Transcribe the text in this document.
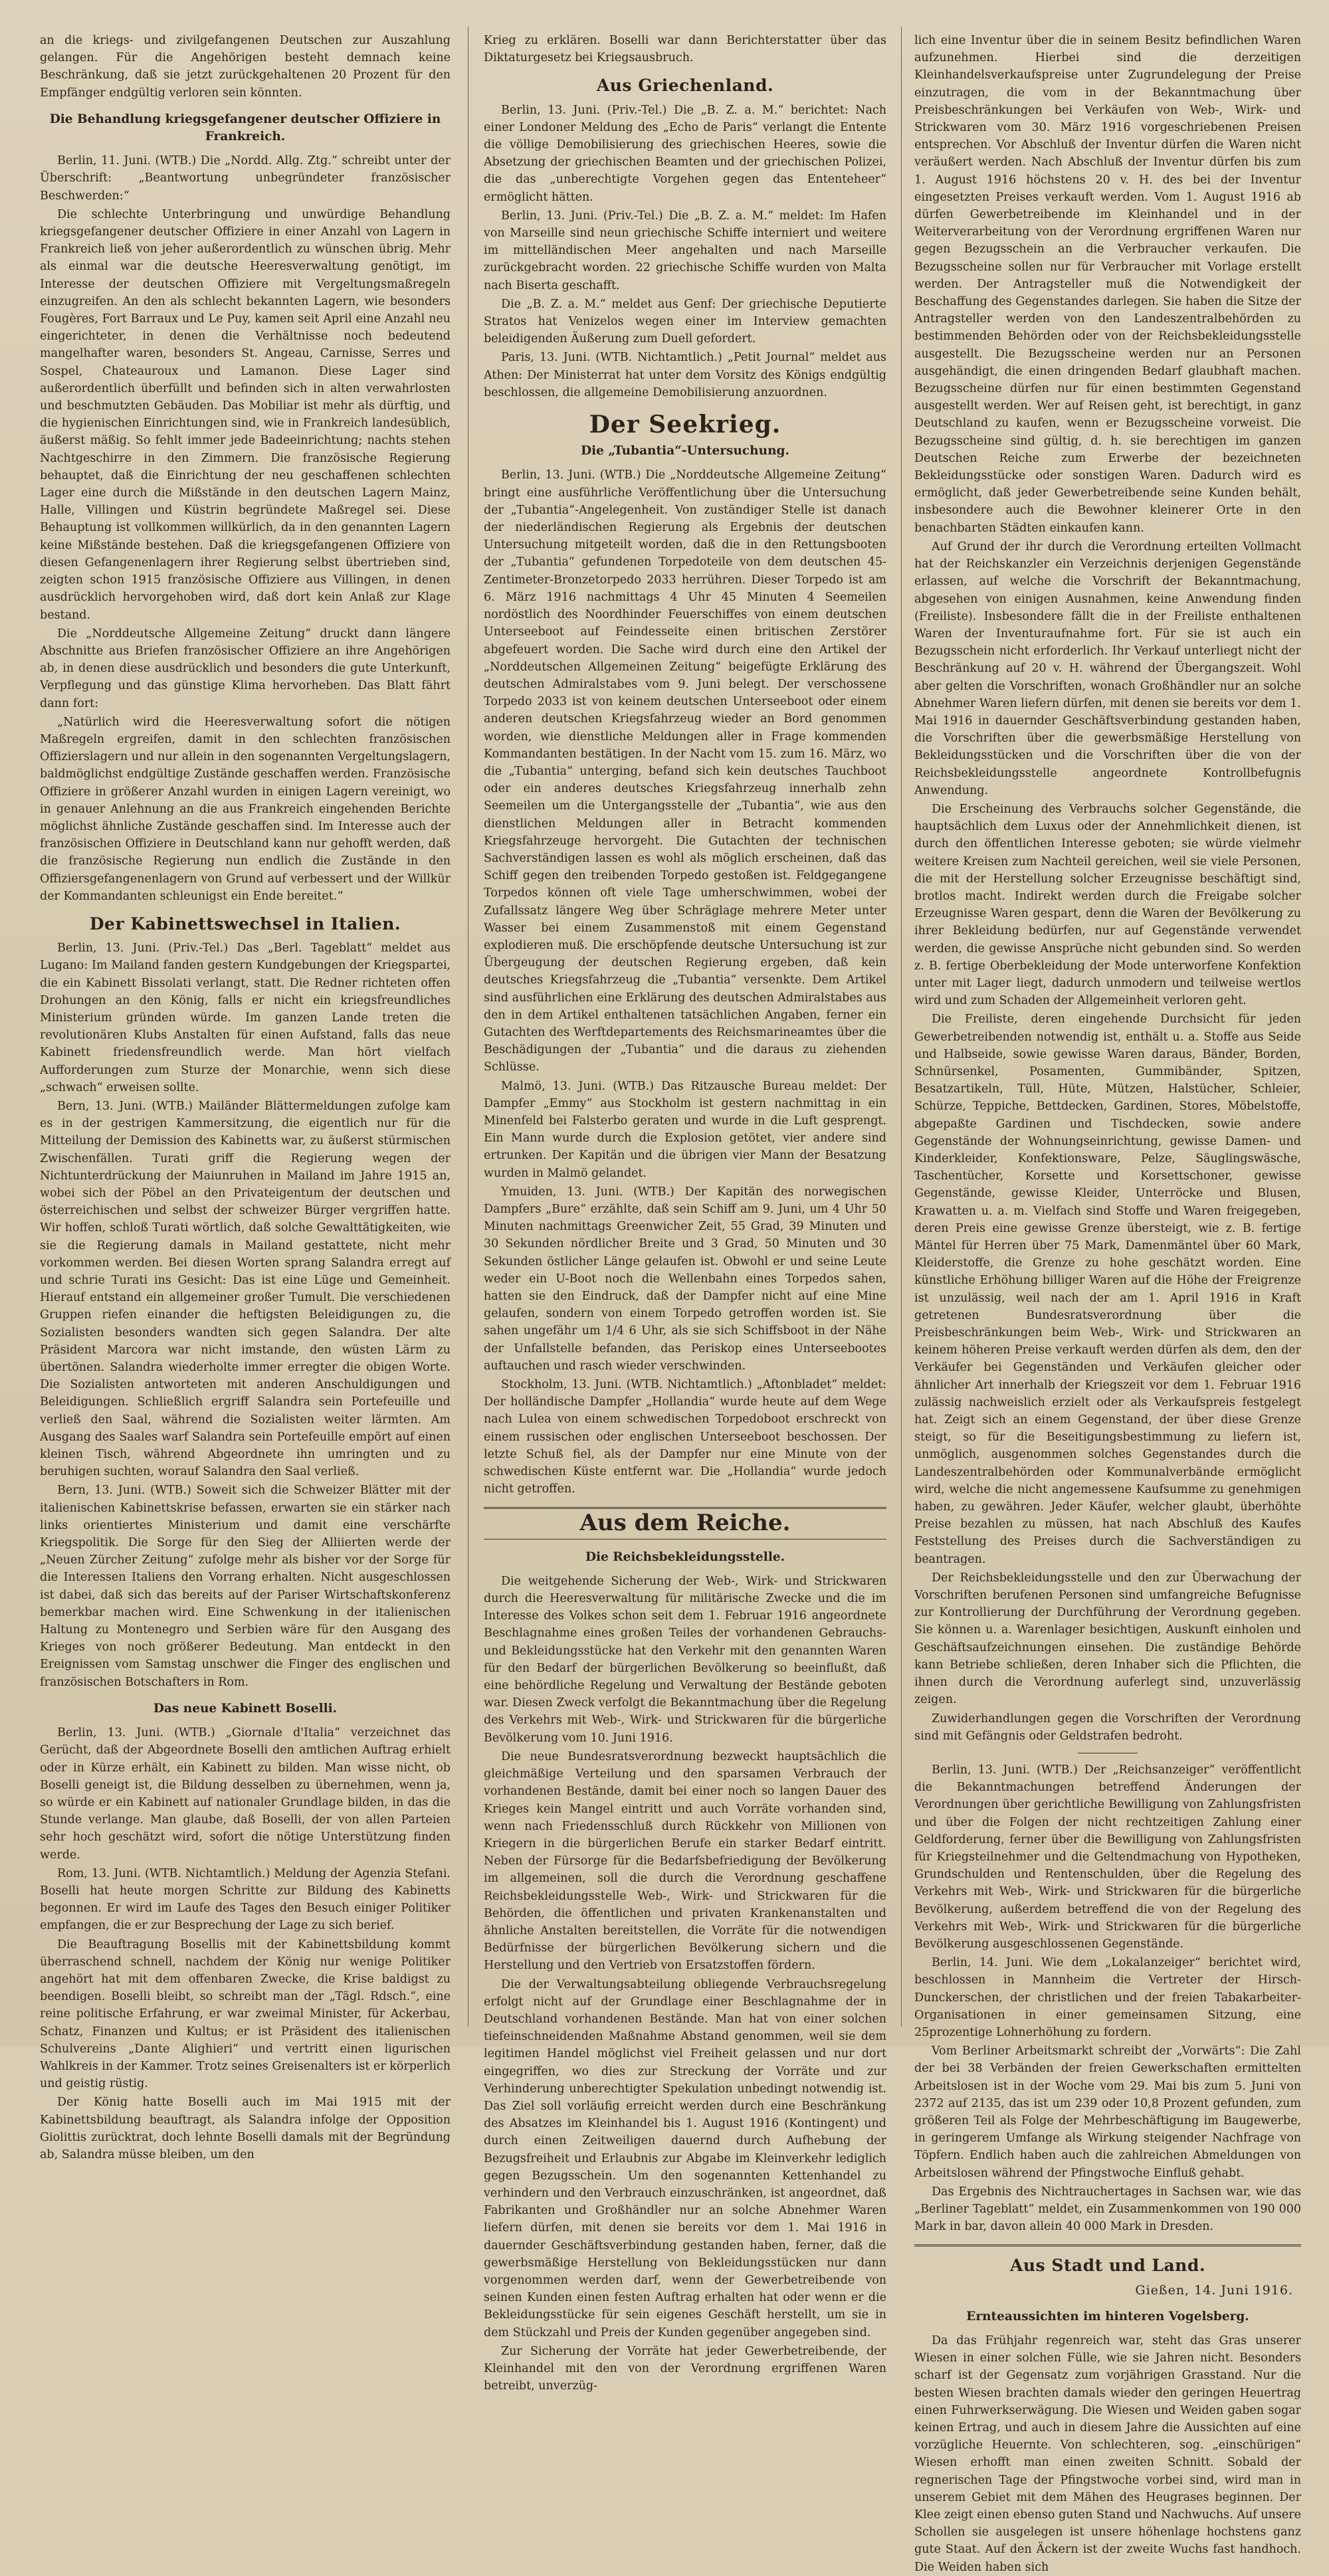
an die kriegs- und zivilgefangenen Deutschen zur Auszahlung gelangen. Für die Angehörigen besteht demnach keine Beschränkung, daß sie jetzt zurückgehaltenen 20 Prozent für den Empfänger endgültig verloren sein könnten.

Die Behandlung kriegsgefangener deutscher Offiziere in Frankreich.

Berlin, 11. Juni. (WTB.) Die „Nordd. Allg. Ztg.“ schreibt unter der Überschrift: „Beantwortung unbegründeter französischer Beschwerden:“

Die schlechte Unterbringung und unwürdige Behandlung kriegsgefangener deutscher Offiziere in einer Anzahl von Lagern in Frankreich ließ von jeher außerordentlich zu wünschen übrig. Mehr als einmal war die deutsche Heeresverwaltung genötigt, im Interesse der deutschen Offiziere mit Vergeltungsmaßregeln einzugreifen. An den als schlecht bekannten Lagern, wie besonders Fougères, Fort Barraux und Le Puy, kamen seit April eine Anzahl neu eingerichteter, in denen die Verhältnisse noch bedeutend mangelhafter waren, besonders St. Angeau, Carnisse, Serres und Sospel, Chateauroux und Lamanon. Diese Lager sind außerordentlich überfüllt und befinden sich in alten verwahrlosten und beschmutzten Gebäuden. Das Mobiliar ist mehr als dürftig, und die hygienischen Einrichtungen sind, wie in Frankreich landesüblich, äußerst mäßig. So fehlt immer jede Badeeinrichtung; nachts stehen Nachtgeschirre in den Zimmern. Die französische Regierung behauptet, daß die Einrichtung der neu geschaffenen schlechten Lager eine durch die Mißstände in den deutschen Lagern Mainz, Halle, Villingen und Küstrin begründete Maßregel sei. Diese Behauptung ist vollkommen willkürlich, da in den genannten Lagern keine Mißstände bestehen. Daß die kriegsgefangenen Offiziere von diesen Gefangenenlagern ihrer Regierung selbst übertrieben sind, zeigten schon 1915 französische Offiziere aus Villingen, in denen ausdrücklich hervorgehoben wird, daß dort kein Anlaß zur Klage bestand.

Die „Norddeutsche Allgemeine Zeitung“ druckt dann längere Abschnitte aus Briefen französischer Offiziere an ihre Angehörigen ab, in denen diese ausdrücklich und besonders die gute Unterkunft, Verpflegung und das günstige Klima hervorheben. Das Blatt fährt dann fort:

„Natürlich wird die Heeresverwaltung sofort die nötigen Maßregeln ergreifen, damit in den schlechten französischen Offizierslagern und nur allein in den sogenannten Vergeltungslagern, baldmöglichst endgültige Zustände geschaffen werden. Französische Offiziere in größerer Anzahl wurden in einigen Lagern vereinigt, wo in genauer Anlehnung an die aus Frankreich eingehenden Berichte möglichst ähnliche Zustände geschaffen sind. Im Interesse auch der französischen Offiziere in Deutschland kann nur gehofft werden, daß die französische Regierung nun endlich die Zustände in den Offiziersgefangenenlagern von Grund auf verbessert und der Willkür der Kommandanten schleunigst ein Ende bereitet.“

Der Kabinettswechsel in Italien.

Berlin, 13. Juni. (Priv.-Tel.) Das „Berl. Tageblatt“ meldet aus Lugano: Im Mailand fanden gestern Kundgebungen der Kriegspartei, die ein Kabinett Bissolati verlangt, statt. Die Redner richteten offen Drohungen an den König, falls er nicht ein kriegsfreundliches Ministerium gründen würde. Im ganzen Lande treten die revolutionären Klubs Anstalten für einen Aufstand, falls das neue Kabinett friedensfreundlich werde. Man hört vielfach Aufforderungen zum Sturze der Monarchie, wenn sich diese „schwach“ erweisen sollte.

Bern, 13. Juni. (WTB.) Mailänder Blättermeldungen zufolge kam es in der gestrigen Kammersitzung, die eigentlich nur für die Mitteilung der Demission des Kabinetts war, zu äußerst stürmischen Zwischenfällen. Turati griff die Regierung wegen der Nichtunterdrückung der Maiunruhen in Mailand im Jahre 1915 an, wobei sich der Pöbel an den Privateigentum der deutschen und österreichischen und selbst der schweizer Bürger vergriffen hatte. Wir hoffen, schloß Turati wörtlich, daß solche Gewalttätigkeiten, wie sie die Regierung damals in Mailand gestattete, nicht mehr vorkommen werden. Bei diesen Worten sprang Salandra erregt auf und schrie Turati ins Gesicht: Das ist eine Lüge und Gemeinheit. Hierauf entstand ein allgemeiner großer Tumult. Die verschiedenen Gruppen riefen einander die heftigsten Beleidigungen zu, die Sozialisten besonders wandten sich gegen Salandra. Der alte Präsident Marcora war nicht imstande, den wüsten Lärm zu übertönen. Salandra wiederholte immer erregter die obigen Worte. Die Sozialisten antworteten mit anderen Anschuldigungen und Beleidigungen. Schließlich ergriff Salandra sein Portefeuille und verließ den Saal, während die Sozialisten weiter lärmten. Am Ausgang des Saales warf Salandra sein Portefeuille empört auf einen kleinen Tisch, während Abgeordnete ihn umringten und zu beruhigen suchten, worauf Salandra den Saal verließ.

Bern, 13. Juni. (WTB.) Soweit sich die Schweizer Blätter mit der italienischen Kabinettskrise befassen, erwarten sie ein stärker nach links orientiertes Ministerium und damit eine verschärfte Kriegspolitik. Die Sorge für den Sieg der Alliierten werde der „Neuen Zürcher Zeitung“ zufolge mehr als bisher vor der Sorge für die Interessen Italiens den Vorrang erhalten. Nicht ausgeschlossen ist dabei, daß sich das bereits auf der Pariser Wirtschaftskonferenz bemerkbar machen wird. Eine Schwenkung in der italienischen Haltung zu Montenegro und Serbien wäre für den Ausgang des Krieges von noch größerer Bedeutung. Man entdeckt in den Ereignissen vom Samstag unschwer die Finger des englischen und französischen Botschafters in Rom.

Das neue Kabinett Boselli.

Berlin, 13. Juni. (WTB.) „Giornale d'Italia“ verzeichnet das Gerücht, daß der Abgeordnete Boselli den amtlichen Auftrag erhielt oder in Kürze erhält, ein Kabinett zu bilden. Man wisse nicht, ob Boselli geneigt ist, die Bildung desselben zu übernehmen, wenn ja, so würde er ein Kabinett auf nationaler Grundlage bilden, in das die Stunde verlange. Man glaube, daß Boselli, der von allen Parteien sehr hoch geschätzt wird, sofort die nötige Unterstützung finden werde.

Rom, 13. Juni. (WTB. Nichtamtlich.) Meldung der Agenzia Stefani. Boselli hat heute morgen Schritte zur Bildung des Kabinetts begonnen. Er wird im Laufe des Tages den Besuch einiger Politiker empfangen, die er zur Besprechung der Lage zu sich berief.

Die Beauftragung Bosellis mit der Kabinettsbildung kommt überraschend schnell, nachdem der König nur wenige Politiker angehört hat mit dem offenbaren Zwecke, die Krise baldigst zu beendigen. Boselli bleibt, so schreibt man der „Tägl. Rdsch.“, eine reine politische Erfahrung, er war zweimal Minister, für Ackerbau, Schatz, Finanzen und Kultus; er ist Präsident des italienischen Schulvereins „Dante Alighieri“ und vertritt einen ligurischen Wahlkreis in der Kammer. Trotz seines Greisenalters ist er körperlich und geistig rüstig.

Der König hatte Boselli auch im Mai 1915 mit der Kabinettsbildung beauftragt, als Salandra infolge der Opposition Giolittis zurücktrat, doch lehnte Boselli damals mit der Begründung ab, Salandra müsse bleiben, um den

Krieg zu erklären. Boselli war dann Berichterstatter über das Diktaturgesetz bei Kriegsausbruch.

Aus Griechenland.

Berlin, 13. Juni. (Priv.-Tel.) Die „B. Z. a. M.“ berichtet: Nach einer Londoner Meldung des „Echo de Paris“ verlangt die Entente die völlige Demobilisierung des griechischen Heeres, sowie die Absetzung der griechischen Beamten und der griechischen Polizei, die das „unberechtigte Vorgehen gegen das Ententeheer“ ermöglicht hätten.

Berlin, 13. Juni. (Priv.-Tel.) Die „B. Z. a. M.“ meldet: Im Hafen von Marseille sind neun griechische Schiffe interniert und weitere im mittelländischen Meer angehalten und nach Marseille zurückgebracht worden. 22 griechische Schiffe wurden von Malta nach Biserta geschafft.

Die „B. Z. a. M.“ meldet aus Genf: Der griechische Deputierte Stratos hat Venizelos wegen einer im Interview gemachten beleidigenden Äußerung zum Duell gefordert.

Paris, 13. Juni. (WTB. Nichtamtlich.) „Petit Journal“ meldet aus Athen: Der Ministerrat hat unter dem Vorsitz des Königs endgültig beschlossen, die allgemeine Demobilisierung anzuordnen.

Der Seekrieg.
Die „Tubantia“-Untersuchung.

Berlin, 13. Juni. (WTB.) Die „Norddeutsche Allgemeine Zeitung“ bringt eine ausführliche Veröffentlichung über die Untersuchung der „Tubantia“-Angelegenheit. Von zuständiger Stelle ist danach der niederländischen Regierung als Ergebnis der deutschen Untersuchung mitgeteilt worden, daß die in den Rettungsbooten der „Tubantia“ gefundenen Torpedoteile von dem deutschen 45-Zentimeter-Bronzetorpedo 2033 herrühren. Dieser Torpedo ist am 6. März 1916 nachmittags 4 Uhr 45 Minuten 4 Seemeilen nordöstlich des Noordhinder Feuerschiffes von einem deutschen Unterseeboot auf Feindesseite einen britischen Zerstörer abgefeuert worden. Die Sache wird durch eine den Artikel der „Norddeutschen Allgemeinen Zeitung“ beigefügte Erklärung des deutschen Admiralstabes vom 9. Juni belegt. Der verschossene Torpedo 2033 ist von keinem deutschen Unterseeboot oder einem anderen deutschen Kriegsfahrzeug wieder an Bord genommen worden, wie dienstliche Meldungen aller in Frage kommenden Kommandanten bestätigen. In der Nacht vom 15. zum 16. März, wo die „Tubantia“ unterging, befand sich kein deutsches Tauchboot oder ein anderes deutsches Kriegsfahrzeug innerhalb zehn Seemeilen um die Untergangsstelle der „Tubantia“, wie aus den dienstlichen Meldungen aller in Betracht kommenden Kriegsfahrzeuge hervorgeht. Die Gutachten der technischen Sachverständigen lassen es wohl als möglich erscheinen, daß das Schiff gegen den treibenden Torpedo gestoßen ist. Feldgegangene Torpedos können oft viele Tage umherschwimmen, wobei der Zufallssatz längere Weg über Schräglage mehrere Meter unter Wasser bei einem Zusammenstoß mit einem Gegenstand explodieren muß. Die erschöpfende deutsche Untersuchung ist zur Übergeugung der deutschen Regierung ergeben, daß kein deutsches Kriegsfahrzeug die „Tubantia“ versenkte. Dem Artikel sind ausführlichen eine Erklärung des deutschen Admiralstabes aus den in dem Artikel enthaltenen tatsächlichen Angaben, ferner ein Gutachten des Werftdepartements des Reichsmarineamtes über die Beschädigungen der „Tubantia“ und die daraus zu ziehenden Schlüsse.

Malmö, 13. Juni. (WTB.) Das Ritzausche Bureau meldet: Der Dampfer „Emmy“ aus Stockholm ist gestern nachmittag in ein Minenfeld bei Falsterbo geraten und wurde in die Luft gesprengt. Ein Mann wurde durch die Explosion getötet, vier andere sind ertrunken. Der Kapitän und die übrigen vier Mann der Besatzung wurden in Malmö gelandet.

Ymuiden, 13. Juni. (WTB.) Der Kapitän des norwegischen Dampfers „Bure“ erzählte, daß sein Schiff am 9. Juni, um 4 Uhr 50 Minuten nachmittags Greenwicher Zeit, 55 Grad, 39 Minuten und 30 Sekunden nördlicher Breite und 3 Grad, 50 Minuten und 30 Sekunden östlicher Länge gelaufen ist. Obwohl er und seine Leute weder ein U-Boot noch die Wellenbahn eines Torpedos sahen, hatten sie den Eindruck, daß der Dampfer nicht auf eine Mine gelaufen, sondern von einem Torpedo getroffen worden ist. Sie sahen ungefähr um 1/4 6 Uhr, als sie sich Schiffsboot in der Nähe der Unfallstelle befanden, das Periskop eines Unterseebootes auftauchen und rasch wieder verschwinden.

Stockholm, 13. Juni. (WTB. Nichtamtlich.) „Aftonbladet“ meldet: Der holländische Dampfer „Hollandia“ wurde heute auf dem Wege nach Lulea von einem schwedischen Torpedoboot erschreckt von einem russischen oder englischen Unterseeboot beschossen. Der letzte Schuß fiel, als der Dampfer nur eine Minute von der schwedischen Küste entfernt war. Die „Hollandia“ wurde jedoch nicht getroffen.

Aus dem Reiche.
Die Reichsbekleidungsstelle.

Die weitgehende Sicherung der Web-, Wirk- und Strickwaren durch die Heeresverwaltung für militärische Zwecke und die im Interesse des Volkes schon seit dem 1. Februar 1916 angeordnete Beschlagnahme eines großen Teiles der vorhandenen Gebrauchs- und Bekleidungsstücke hat den Verkehr mit den genannten Waren für den Bedarf der bürgerlichen Bevölkerung so beeinflußt, daß eine behördliche Regelung und Verwaltung der Bestände geboten war. Diesen Zweck verfolgt die Bekanntmachung über die Regelung des Verkehrs mit Web-, Wirk- und Strickwaren für die bürgerliche Bevölkerung vom 10. Juni 1916.

Die neue Bundesratsverordnung bezweckt hauptsächlich die gleichmäßige Verteilung und den sparsamen Verbrauch der vorhandenen Bestände, damit bei einer noch so langen Dauer des Krieges kein Mangel eintritt und auch Vorräte vorhanden sind, wenn nach Friedensschluß durch Rückkehr von Millionen von Kriegern in die bürgerlichen Berufe ein starker Bedarf eintritt. Neben der Fürsorge für die Bedarfsbefriedigung der Bevölkerung im allgemeinen, soll die durch die Verordnung geschaffene Reichsbekleidungsstelle Web-, Wirk- und Strickwaren für die Behörden, die öffentlichen und privaten Krankenanstalten und ähnliche Anstalten bereitstellen, die Vorräte für die notwendigen Bedürfnisse der bürgerlichen Bevölkerung sichern und die Herstellung und den Vertrieb von Ersatzstoffen fördern.

Die der Verwaltungsabteilung obliegende Verbrauchsregelung erfolgt nicht auf der Grundlage einer Beschlagnahme der in Deutschland vorhandenen Bestände. Man hat von einer solchen tiefeinschneidenden Maßnahme Abstand genommen, weil sie dem legitimen Handel möglichst viel Freiheit gelassen und nur dort eingegriffen, wo dies zur Streckung der Vorräte und zur Verhinderung unberechtigter Spekulation unbedingt notwendig ist. Das Ziel soll vorläufig erreicht werden durch eine Beschränkung des Absatzes im Kleinhandel bis 1. August 1916 (Kontingent) und durch einen Zeitweiligen dauernd durch Aufhebung der Bezugsfreiheit und Erlaubnis zur Abgabe im Kleinverkehr lediglich gegen Bezugsschein. Um den sogenannten Kettenhandel zu verhindern und den Verbrauch einzuschränken, ist angeordnet, daß Fabrikanten und Großhändler nur an solche Abnehmer Waren liefern dürfen, mit denen sie bereits vor dem 1. Mai 1916 in dauernder Geschäftsverbindung gestanden haben, ferner, daß die gewerbsmäßige Herstellung von Bekleidungsstücken nur dann vorgenommen werden darf, wenn der Gewerbetreibende von seinen Kunden einen festen Auftrag erhalten hat oder wenn er die Bekleidungsstücke für sein eigenes Geschäft herstellt, um sie in dem Stückzahl und Preis der Kunden gegenüber angegeben sind.

Zur Sicherung der Vorräte hat jeder Gewerbetreibende, der Kleinhandel mit den von der Verordnung ergriffenen Waren betreibt, unverzüg-

lich eine Inventur über die in seinem Besitz befindlichen Waren aufzunehmen. Hierbei sind die derzeitigen Kleinhandelsverkaufspreise unter Zugrundelegung der Preise einzutragen, die vom in der Bekanntmachung über Preisbeschränkungen bei Verkäufen von Web-, Wirk- und Strickwaren vom 30. März 1916 vorgeschriebenen Preisen entsprechen. Vor Abschluß der Inventur dürfen die Waren nicht veräußert werden. Nach Abschluß der Inventur dürfen bis zum 1. August 1916 höchstens 20 v. H. des bei der Inventur eingesetzten Preises verkauft werden. Vom 1. August 1916 ab dürfen Gewerbetreibende im Kleinhandel und in der Weiterverarbeitung von der Verordnung ergriffenen Waren nur gegen Bezugsschein an die Verbraucher verkaufen. Die Bezugsscheine sollen nur für Verbraucher mit Vorlage erstellt werden. Der Antragsteller muß die Notwendigkeit der Beschaffung des Gegenstandes darlegen. Sie haben die Sitze der Antragsteller werden von den Landeszentralbehörden zu bestimmenden Behörden oder von der Reichsbekleidungsstelle ausgestellt. Die Bezugsscheine werden nur an Personen ausgehändigt, die einen dringenden Bedarf glaubhaft machen. Bezugsscheine dürfen nur für einen bestimmten Gegenstand ausgestellt werden. Wer auf Reisen geht, ist berechtigt, in ganz Deutschland zu kaufen, wenn er Bezugsscheine vorweist. Die Bezugsscheine sind gültig, d. h. sie berechtigen im ganzen Deutschen Reiche zum Erwerbe der bezeichneten Bekleidungsstücke oder sonstigen Waren. Dadurch wird es ermöglicht, daß jeder Gewerbetreibende seine Kunden behält, insbesondere auch die Bewohner kleinerer Orte in den benachbarten Städten einkaufen kann.

Auf Grund der ihr durch die Verordnung erteilten Vollmacht hat der Reichskanzler ein Verzeichnis derjenigen Gegenstände erlassen, auf welche die Vorschrift der Bekanntmachung, abgesehen von einigen Ausnahmen, keine Anwendung finden (Freiliste). Insbesondere fällt die in der Freiliste enthaltenen Waren der Inventuraufnahme fort. Für sie ist auch ein Bezugsschein nicht erforderlich. Ihr Verkauf unterliegt nicht der Beschränkung auf 20 v. H. während der Übergangszeit. Wohl aber gelten die Vorschriften, wonach Großhändler nur an solche Abnehmer Waren liefern dürfen, mit denen sie bereits vor dem 1. Mai 1916 in dauernder Geschäftsverbindung gestanden haben, die Vorschriften über die gewerbsmäßige Herstellung von Bekleidungsstücken und die Vorschriften über die von der Reichsbekleidungsstelle angeordnete Kontrollbefugnis Anwendung.

Die Erscheinung des Verbrauchs solcher Gegenstände, die hauptsächlich dem Luxus oder der Annehmlichkeit dienen, ist durch den öffentlichen Interesse geboten; sie würde vielmehr weitere Kreisen zum Nachteil gereichen, weil sie viele Personen, die mit der Herstellung solcher Erzeugnisse beschäftigt sind, brotlos macht. Indirekt werden durch die Freigabe solcher Erzeugnisse Waren gespart, denn die Waren der Bevölkerung zu ihrer Bekleidung bedürfen, nur auf Gegenstände verwendet werden, die gewisse Ansprüche nicht gebunden sind. So werden z. B. fertige Oberbekleidung der Mode unterworfene Konfektion unter mit Lager liegt, dadurch unmodern und teilweise wertlos wird und zum Schaden der Allgemeinheit verloren geht.

Die Freiliste, deren eingehende Durchsicht für jeden Gewerbetreibenden notwendig ist, enthält u. a. Stoffe aus Seide und Halbseide, sowie gewisse Waren daraus, Bänder, Borden, Schnürsenkel, Posamenten, Gummibänder, Spitzen, Besatzartikeln, Tüll, Hüte, Mützen, Halstücher, Schleier, Schürze, Teppiche, Bettdecken, Gardinen, Stores, Möbelstoffe, abgepaßte Gardinen und Tischdecken, sowie andere Gegenstände der Wohnungseinrichtung, gewisse Damen- und Kinderkleider, Konfektionsware, Pelze, Säuglingswäsche, Taschentücher, Korsette und Korsettschoner, gewisse Gegenstände, gewisse Kleider, Unterröcke und Blusen, Krawatten u. a. m. Vielfach sind Stoffe und Waren freigegeben, deren Preis eine gewisse Grenze übersteigt, wie z. B. fertige Mäntel für Herren über 75 Mark, Damenmäntel über 60 Mark, Kleiderstoffe, die Grenze zu hohe geschätzt worden. Eine künstliche Erhöhung billiger Waren auf die Höhe der Freigrenze ist unzulässig, weil nach der am 1. April 1916 in Kraft getretenen Bundesratsverordnung über die Preisbeschränkungen beim Web-, Wirk- und Strickwaren an keinem höheren Preise verkauft werden dürfen als dem, den der Verkäufer bei Gegenständen und Verkäufen gleicher oder ähnlicher Art innerhalb der Kriegszeit vor dem 1. Februar 1916 zulässig nachweislich erzielt oder als Verkaufspreis festgelegt hat. Zeigt sich an einem Gegenstand, der über diese Grenze steigt, so für die Beseitigungsbestimmung zu liefern ist, unmöglich, ausgenommen solches Gegenstandes durch die Landeszentralbehörden oder Kommunalverbände ermöglicht wird, welche die nicht angemessene Kaufsumme zu genehmigen haben, zu gewähren. Jeder Käufer, welcher glaubt, überhöhte Preise bezahlen zu müssen, hat nach Abschluß des Kaufes Feststellung des Preises durch die Sachverständigen zu beantragen.

Der Reichsbekleidungsstelle und den zur Überwachung der Vorschriften berufenen Personen sind umfangreiche Befugnisse zur Kontrollierung der Durchführung der Verordnung gegeben. Sie können u. a. Warenlager besichtigen, Auskunft einholen und Geschäftsaufzeichnungen einsehen. Die zuständige Behörde kann Betriebe schließen, deren Inhaber sich die Pflichten, die ihnen durch die Verordnung auferlegt sind, unzuverlässig zeigen.

Zuwiderhandlungen gegen die Vorschriften der Verordnung sind mit Gefängnis oder Geldstrafen bedroht.

Berlin, 13. Juni. (WTB.) Der „Reichsanzeiger“ veröffentlicht die Bekanntmachungen betreffend Änderungen der Verordnungen über gerichtliche Bewilligung von Zahlungsfristen und über die Folgen der nicht rechtzeitigen Zahlung einer Geldforderung, ferner über die Bewilligung von Zahlungsfristen für Kriegsteilnehmer und die Geltendmachung von Hypotheken, Grundschulden und Rentenschulden, über die Regelung des Verkehrs mit Web-, Wirk- und Strickwaren für die bürgerliche Bevölkerung, außerdem betreffend die von der Regelung des Verkehrs mit Web-, Wirk- und Strickwaren für die bürgerliche Bevölkerung ausgeschlossenen Gegenstände.

Berlin, 14. Juni. Wie dem „Lokalanzeiger“ berichtet wird, beschlossen in Mannheim die Vertreter der Hirsch-Dunckerschen, der christlichen und der freien Tabakarbeiter-Organisationen in einer gemeinsamen Sitzung, eine 25prozentige Lohnerhöhung zu fordern.

Vom Berliner Arbeitsmarkt schreibt der „Vorwärts“: Die Zahl der bei 38 Verbänden der freien Gewerkschaften ermittelten Arbeitslosen ist in der Woche vom 29. Mai bis zum 5. Juni von 2372 auf 2135, das ist um 239 oder 10,8 Prozent gefunden, zum größeren Teil als Folge der Mehrbeschäftigung im Baugewerbe, in geringerem Umfange als Wirkung steigender Nachfrage von Töpfern. Endlich haben auch die zahlreichen Abmeldungen von Arbeitslosen während der Pfingstwoche Einfluß gehabt.

Das Ergebnis des Nichtrauchertages in Sachsen war, wie das „Berliner Tageblatt“ meldet, ein Zusammenkommen von 190 000 Mark in bar, davon allein 40 000 Mark in Dresden.

Aus Stadt und Land.
Gießen, 14. Juni 1916.
Ernteaussichten im hinteren Vogelsberg.

Da das Frühjahr regenreich war, steht das Gras unserer Wiesen in einer solchen Fülle, wie sie Jahren nicht. Besonders scharf ist der Gegensatz zum vorjährigen Grasstand. Nur die besten Wiesen brachten damals wieder den geringen Heuertrag einen Fuhrwerkserwägung. Die Wiesen und Weiden gaben sogar keinen Ertrag, und auch in diesem Jahre die Aussichten auf eine vorzügliche Heuernte. Von schlechteren, sog. „einschürigen“ Wiesen erhofft man einen zweiten Schnitt. Sobald der regnerischen Tage der Pfingstwoche vorbei sind, wird man in unserem Gebiet mit dem Mähen des Heugrases beginnen. Der Klee zeigt einen ebenso guten Stand und Nachwuchs. Auf unsere Schollen sie ausgelegen ist unsere höhenlage hochstens ganz gute Staat. Auf den Äckern ist der zweite Wuchs fast handhoch. Die Weiden haben sich
